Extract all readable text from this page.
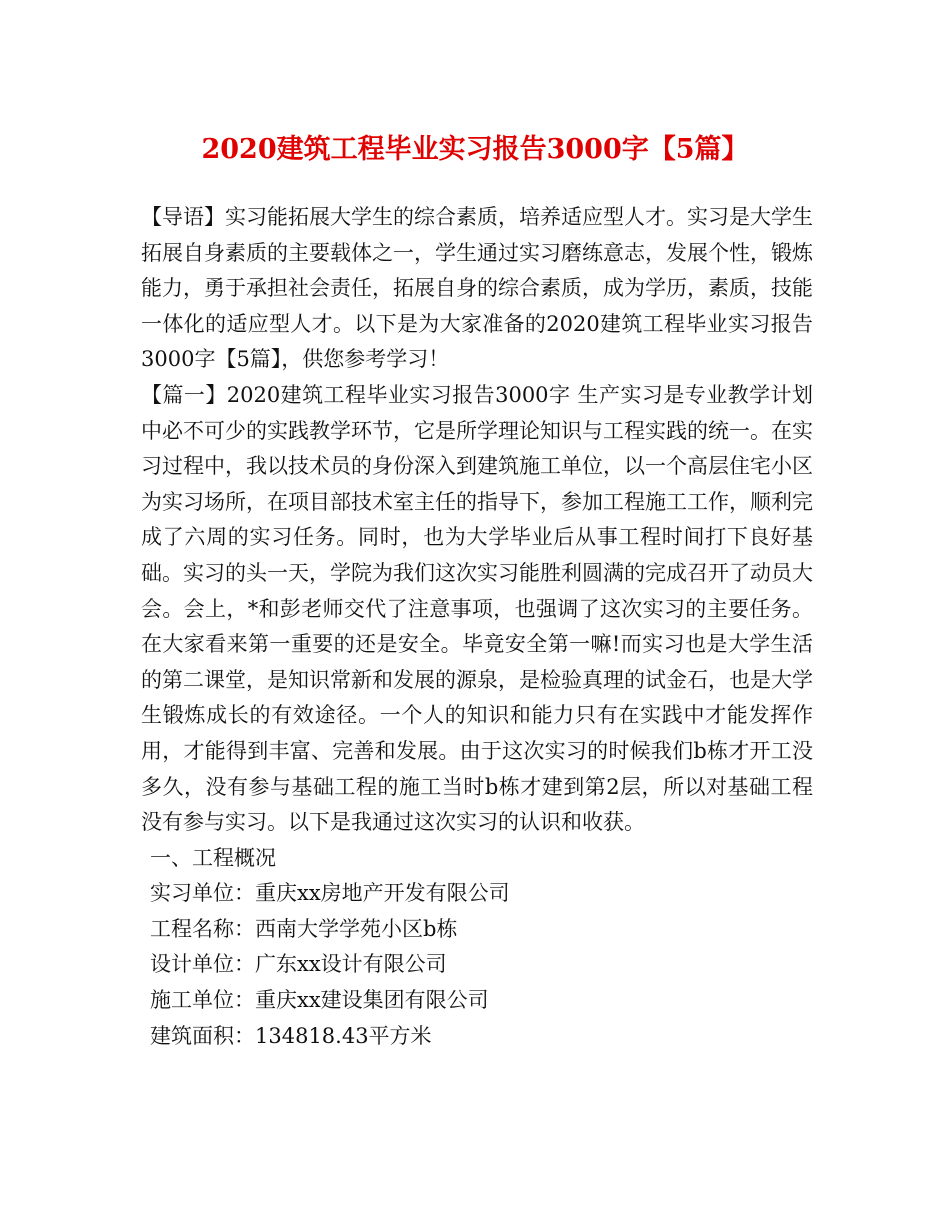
2020建筑工程毕业实习报告3000字【5篇】

【导语】实习能拓展大学生的综合素质，培养适应型人才。实习是大学生拓展自身素质的主要载体之一，学生通过实习磨练意志，发展个性，锻炼能力，勇于承担社会责任，拓展自身的综合素质，成为学历，素质，技能一体化的适应型人才。以下是为大家准备的2020建筑工程毕业实习报告3000字【5篇】，供您参考学习！

【篇一】2020建筑工程毕业实习报告3000字 生产实习是专业教学计划中必不可少的实践教学环节，它是所学理论知识与工程实践的统一。在实习过程中，我以技术员的身份深入到建筑施工单位，以一个高层住宅小区为实习场所，在项目部技术室主任的指导下，参加工程施工工作，顺利完成了六周的实习任务。同时，也为大学毕业后从事工程时间打下良好基础。实习的头一天，学院为我们这次实习能胜利圆满的完成召开了动员大会。会上，*和彭老师交代了注意事项，也强调了这次实习的主要任务。在大家看来第一重要的还是安全。毕竟安全第一嘛!而实习也是大学生活的第二课堂，是知识常新和发展的源泉，是检验真理的试金石，也是大学生锻炼成长的有效途径。一个人的知识和能力只有在实践中才能发挥作用，才能得到丰富、完善和发展。由于这次实习的时候我们b栋才开工没多久，没有参与基础工程的施工当时b栋才建到第2层，所以对基础工程没有参与实习。以下是我通过这次实习的认识和收获。

一、工程概况

实习单位：重庆xx房地产开发有限公司

工程名称：西南大学学苑小区b栋

设计单位：广东xx设计有限公司

施工单位：重庆xx建设集团有限公司

建筑面积：134818.43平方米
